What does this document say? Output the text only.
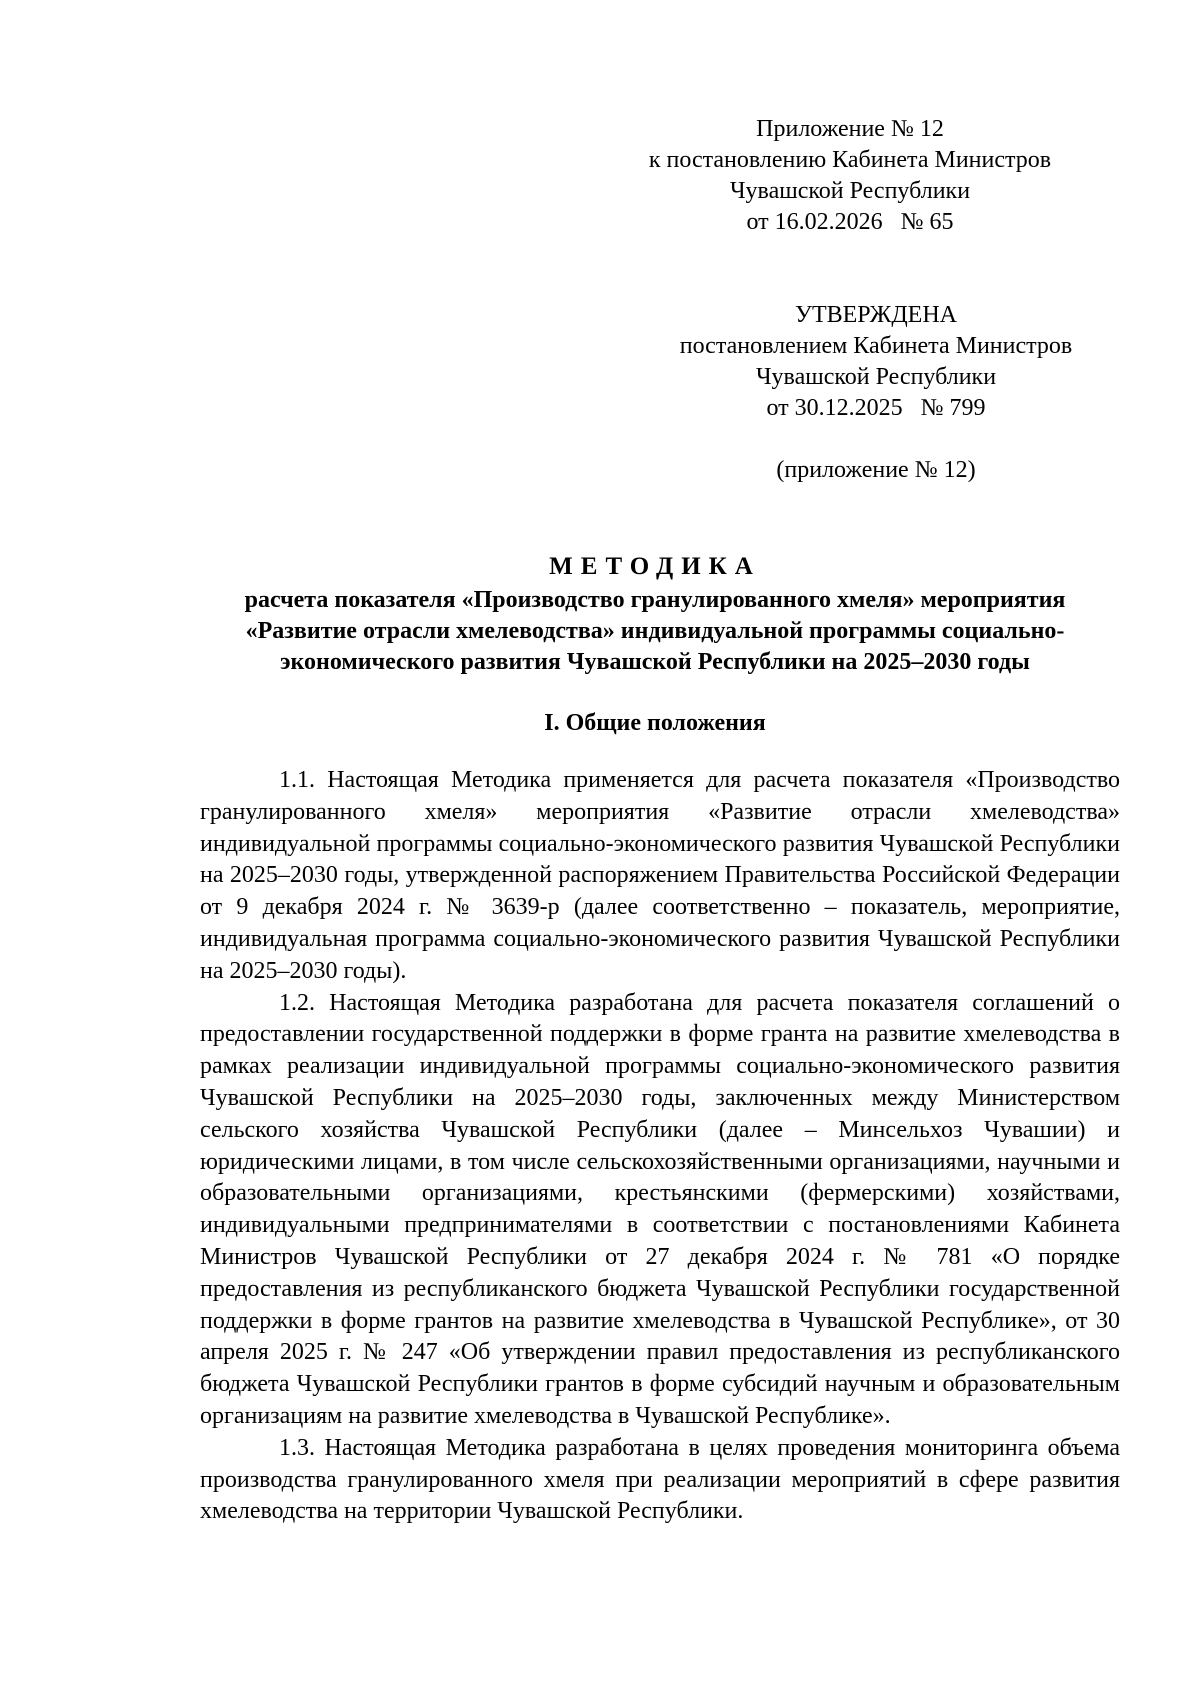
Приложение № 12
к постановлению Кабинета Министров
Чувашской Республики
от 16.02.2026   № 65
УТВЕРЖДЕНА
постановлением Кабинета Министров
Чувашской Республики
от 30.12.2025   № 799
(приложение № 12)
МЕТОДИКА
расчета показателя «Производство гранулированного хмеля» мероприятия
«Развитие отрасли хмелеводства» индивидуальной программы социально-
экономического развития Чувашской Республики на 2025–2030 годы
I. Общие положения

1.1. Настоящая Методика применяется для расчета показателя «Производство гранулированного хмеля» мероприятия «Развитие отрасли хмелеводства» индивидуальной программы социально-экономического развития Чувашской Республики на 2025–2030 годы, утвержденной распоряжением Правительства Российской Федерации от 9 декабря 2024 г. № 3639-р (далее соответственно – показатель, мероприятие, индивидуальная программа социально-экономического развития Чувашской Республики на 2025–2030 годы).

1.2. Настоящая Методика разработана для расчета показателя соглашений о предоставлении государственной поддержки в форме гранта на развитие хмелеводства в рамках реализации индивидуальной программы социально-экономического развития Чувашской Республики на 2025–2030 годы, заключенных между Министерством сельского хозяйства Чувашской Республики (далее – Минсельхоз Чувашии) и юридическими лицами, в том числе сельскохозяйственными организациями, научными и образовательными организациями, крестьянскими (фермерскими) хозяйствами, индивидуальными предпринимателями в соответствии с постановлениями Кабинета Министров Чувашской Республики от 27 декабря 2024 г. № 781 «О порядке предоставления из республиканского бюджета Чувашской Республики государственной поддержки в форме грантов на развитие хмелеводства в Чувашской Республике», от 30 апреля 2025 г. № 247 «Об утверждении правил предоставления из республиканского бюджета Чувашской Республики грантов в форме субсидий научным и образовательным организациям на развитие хмелеводства в Чувашской Республике».

1.3. Настоящая Методика разработана в целях проведения мониторинга объема производства гранулированного хмеля при реализации мероприятий в сфере развития хмелеводства на территории Чувашской Республики.
